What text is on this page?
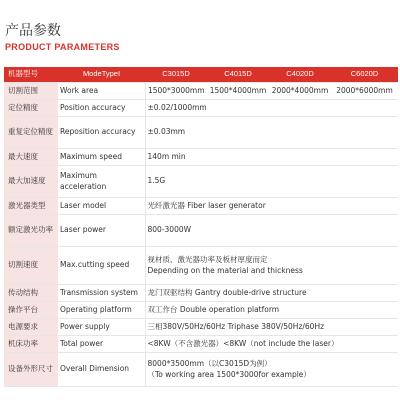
产品参数
PRODUCT PARAMETERS
机器型号	ModeTypeI	C3015D	C4015D	C4020D	C6020D
切割范围	Work area	1500*3000mm	1500*4000mm	2000*4000mm	2000*6000mm
定位精度	Position accuracy	±0.02/1000mm			
重复定位精度	Reposition accuracy	±0.03mm			
最大速度	Maximum speed	140m min			
最大加速度	Maximum acceleration	1.5G			
激光器类型	Laser model	光纤激光器 Fiber laser generator			
额定激光功率	Laser power	800-3000W			
切割速度	Max.cutting speed	视材质、激光器功率及板材厚度而定
Depending on the material and thickness			

传动结构	Transmission system	龙门双驱结构 Gantry double-drive structure			
操作平台	Operating platform	双工作台 Double operation platform			
电源要求	Power supply	三相380V/50Hz/60Hz Triphase 380V/50Hz/60Hz			
机床功率	Total power	<8KW（不含激光器）<8KW（not include the laser）			
设备外形尺寸	Overall Dimension	8000*3500mm（以C3015D为例）
（To working area 1500*3000for example）			
